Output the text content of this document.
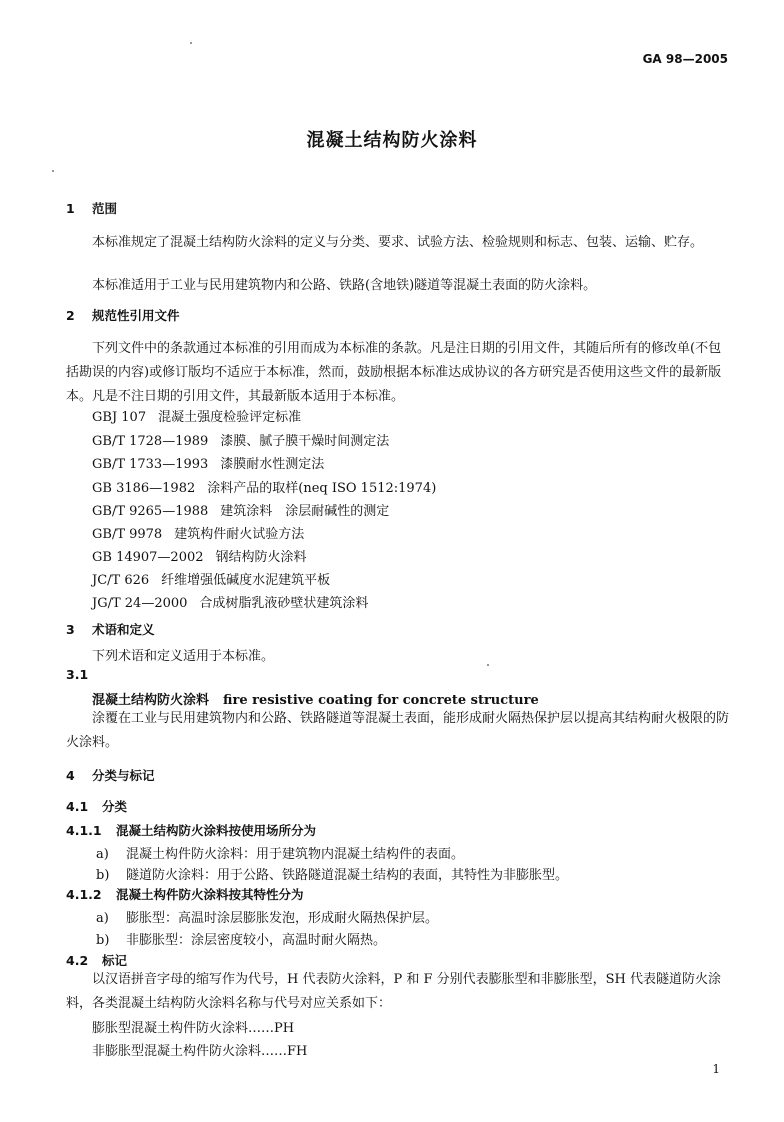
GA 98—2005
混凝土结构防火涂料
1 范围
本标准规定了混凝土结构防火涂料的定义与分类、要求、试验方法、检验规则和标志、包装、运输、贮存。
本标准适用于工业与民用建筑物内和公路、铁路(含地铁)隧道等混凝土表面的防火涂料。
2 规范性引用文件
下列文件中的条款通过本标准的引用而成为本标准的条款。凡是注日期的引用文件，其随后所有的修改单(不包括勘误的内容)或修订版均不适应于本标准，然而，鼓励根据本标准达成协议的各方研究是否使用这些文件的最新版本。凡是不注日期的引用文件，其最新版本适用于本标准。
GBJ 107 混凝土强度检验评定标准
GB/T 1728—1989 漆膜、腻子膜干燥时间测定法
GB/T 1733—1993 漆膜耐水性测定法
GB 3186—1982 涂料产品的取样(neq ISO 1512:1974)
GB/T 9265—1988 建筑涂料　涂层耐碱性的测定
GB/T 9978 建筑构件耐火试验方法
GB 14907—2002 钢结构防火涂料
JC/T 626 纤维增强低碱度水泥建筑平板
JG/T 24—2000 合成树脂乳液砂壁状建筑涂料
3 术语和定义
下列术语和定义适用于本标准。
3.1
混凝土结构防火涂料 fire resistive coating for concrete structure
涂覆在工业与民用建筑物内和公路、铁路隧道等混凝土表面，能形成耐火隔热保护层以提高其结构耐火极限的防火涂料。
4 分类与标记
4.1 分类
4.1.1 混凝土结构防火涂料按使用场所分为
a) 混凝土构件防火涂料：用于建筑物内混凝土结构件的表面。
b) 隧道防火涂料：用于公路、铁路隧道混凝土结构的表面，其特性为非膨胀型。
4.1.2 混凝土构件防火涂料按其特性分为
a) 膨胀型：高温时涂层膨胀发泡，形成耐火隔热保护层。
b) 非膨胀型：涂层密度较小，高温时耐火隔热。
4.2 标记
以汉语拼音字母的缩写作为代号，H 代表防火涂料，P 和 F 分别代表膨胀型和非膨胀型，SH 代表隧道防火涂料，各类混凝土结构防火涂料名称与代号对应关系如下：
膨胀型混凝土构件防火涂料……PH
非膨胀型混凝土构件防火涂料……FH
1
